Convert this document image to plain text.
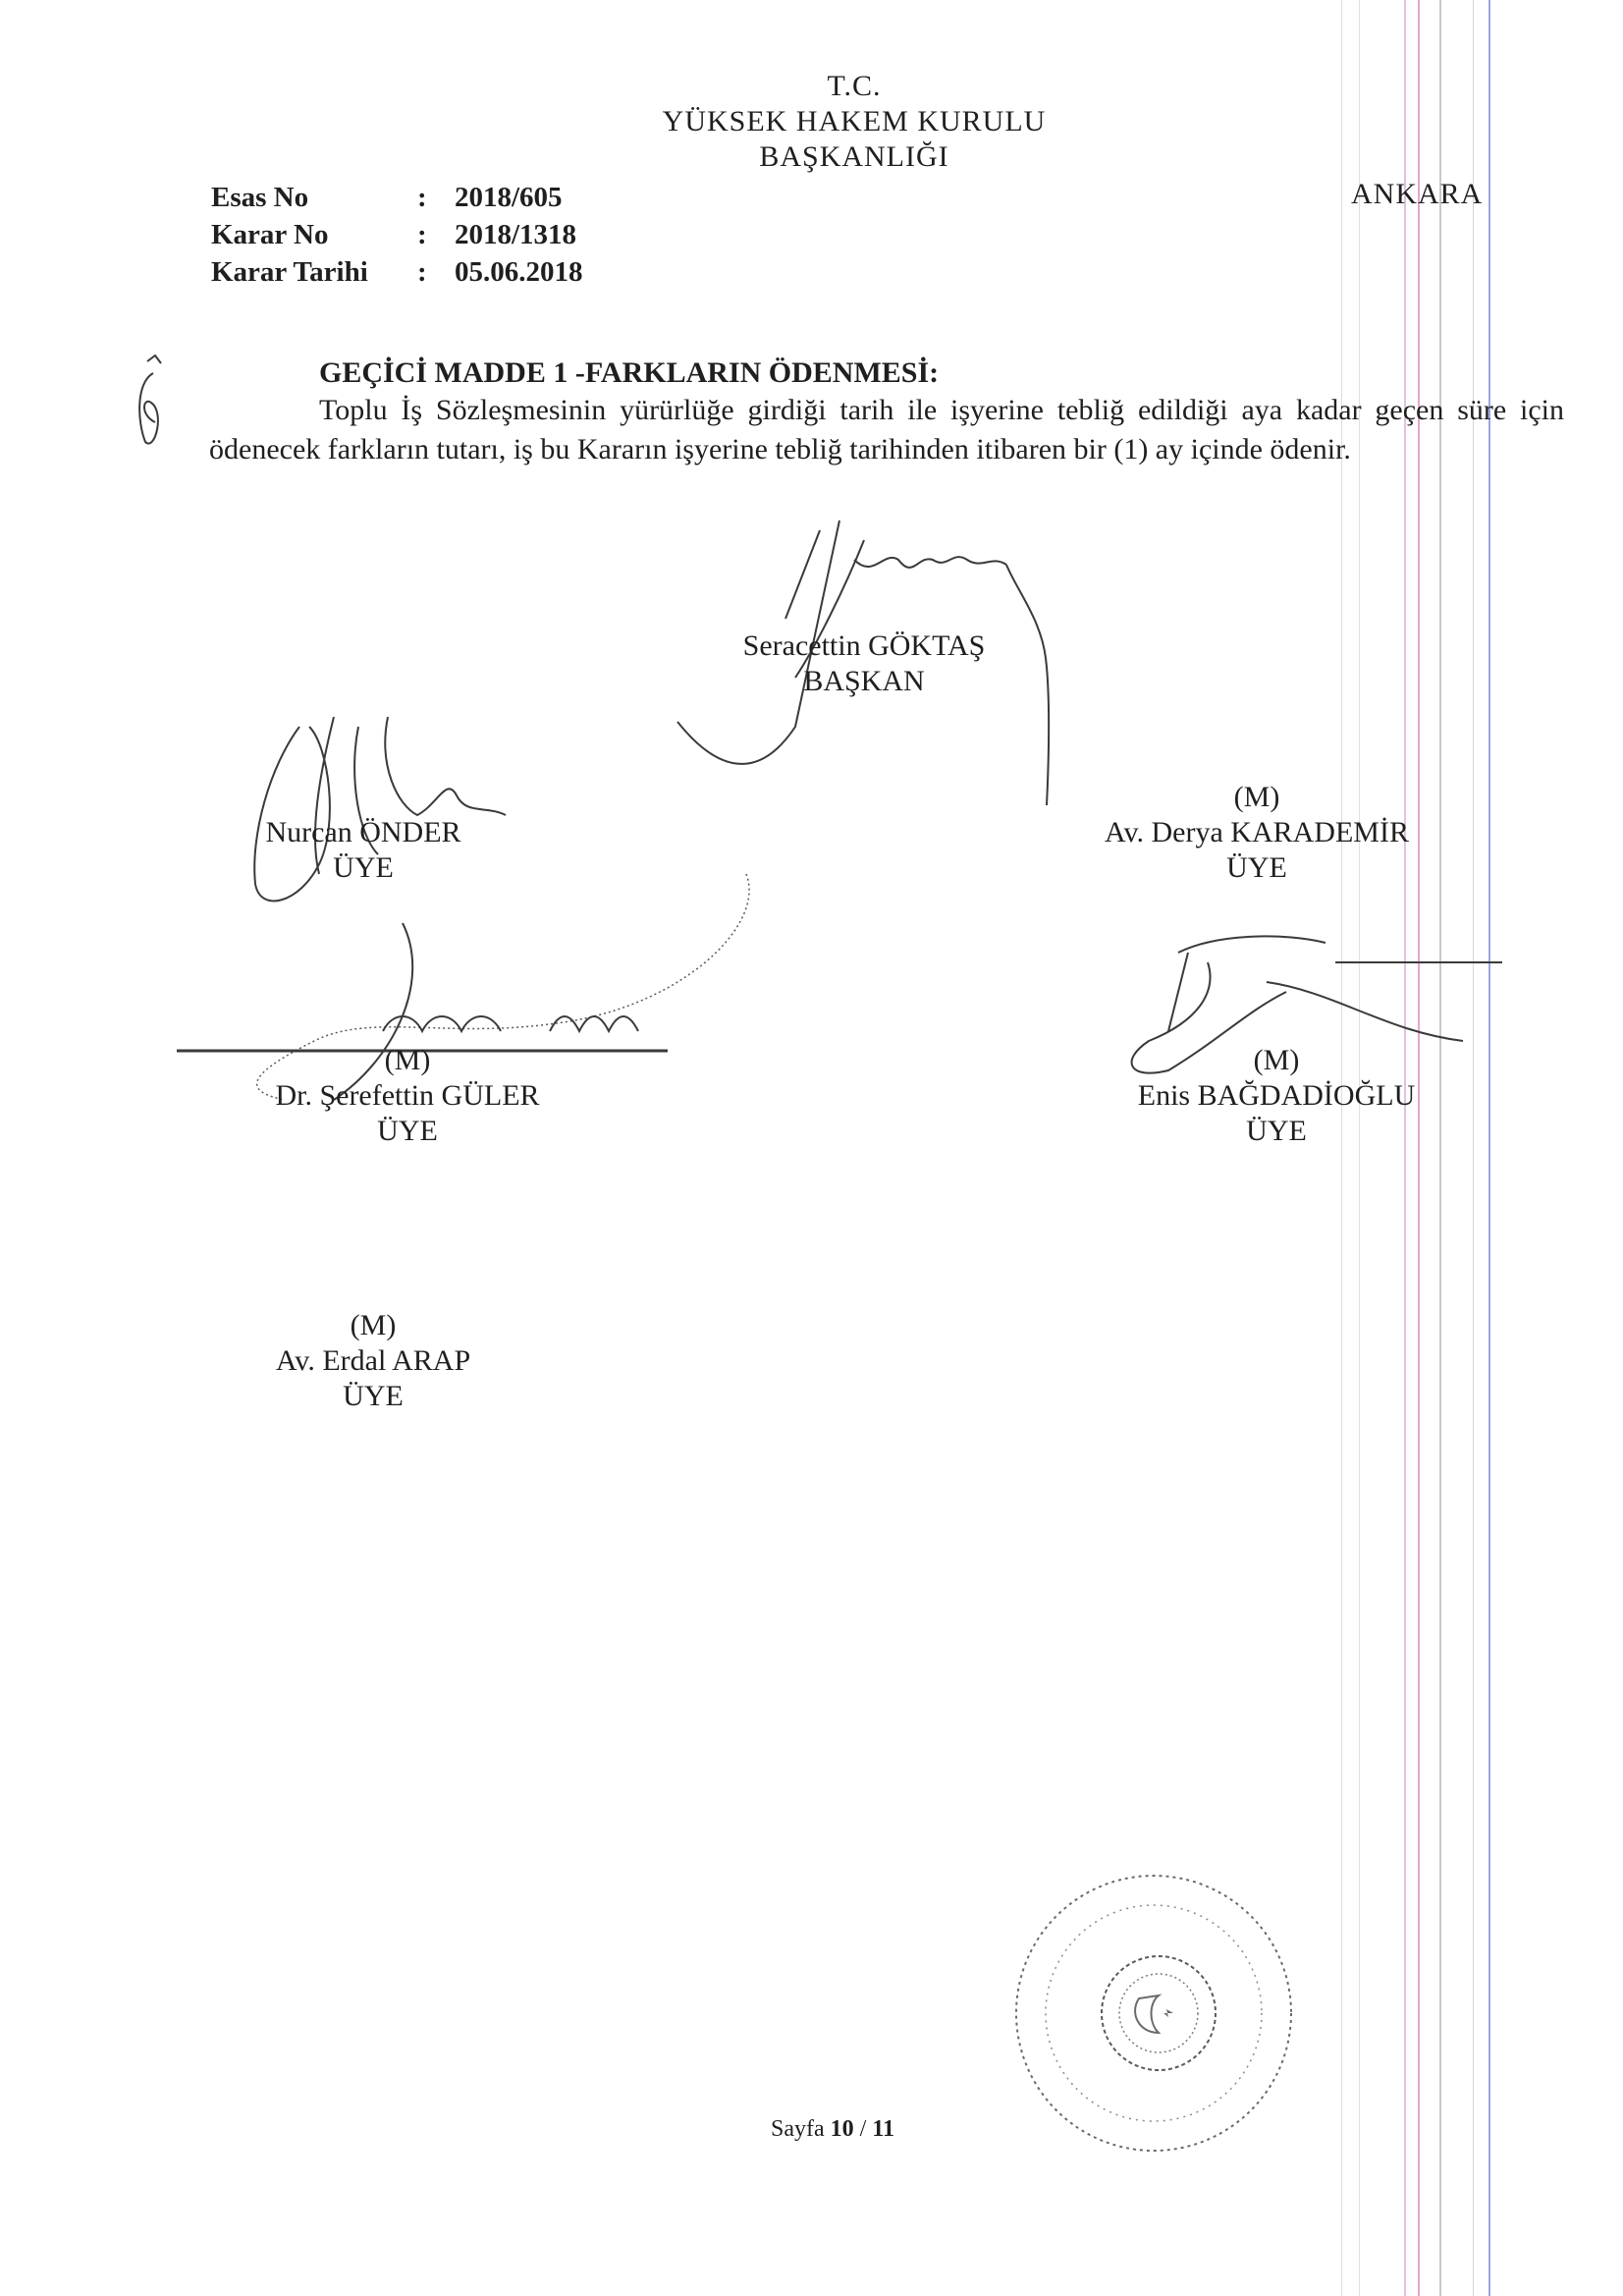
T.C.
YÜKSEK HAKEM KURULU
BAŞKANLIĞI
ANKARA
Esas No	: 2018/605
Karar No	: 2018/1318
Karar Tarihi	: 05.06.2018
GEÇİCİ MADDE 1 -FARKLARIN ÖDENMESİ:
Toplu İş Sözleşmesinin yürürlüğe girdiği tarih ile işyerine tebliğ edildiği aya kadar geçen süre için ödenecek farkların tutarı, iş bu Kararın işyerine tebliğ tarihinden itibaren bir (1) ay içinde ödenir.
Seracettin GÖKTAŞ
BAŞKAN
Nurcan ÖNDER
ÜYE
(M)
Av. Derya KARADEMİR
ÜYE
(M)
Dr. Şerefettin GÜLER
ÜYE
(M)
Enis BAĞDADİOĞLU
ÜYE
(M)
Av. Erdal ARAP
ÜYE
Sayfa 10 / 11
